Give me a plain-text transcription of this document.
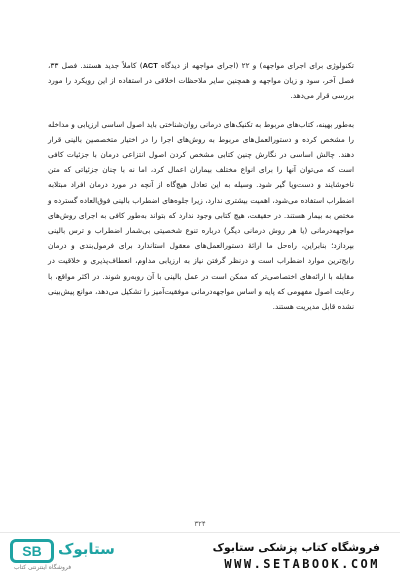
تکنولوژی برای اجرای مواجهه) و ۲۲ (اجرای مواجهه از دیدگاه ACT) کاملاً جدید هستند. فصل ۳۳، فصل آخر، سود و زیان مواجهه و همچنین سایر ملاحظات اخلاقی در استفاده از این رویکرد را مورد بررسی قرار می‌دهد.

به‌طور بهینه، کتاب‌های مربوط به تکنیک‌های درمانی روان‌شناختی باید اصول اساسی ارزیابی و مداخله را مشخص کرده و دستورالعمل‌های مربوط به روش‌های اجرا را در اختیار متخصصین بالینی قرار دهند. چالش اساسی در نگارش چنین کتابی مشخص کردن اصول انتزاعی درمان با جزئیات کافی است که می‌توان آنها را برای انواع مختلف بیماران اعمال کرد، اما نه با چنان جزئیاتی که متن ناخوشایند و دست‌وپا گیر شود. وسیله به این تعادل هیچ‌گاه از آنچه در مورد درمان افراد مبتلابه اضطراب استفاده می‌شود، اهمیت بیشتری ندارد، زیرا جلوه‌های اضطراب بالینی فوق‌العاده گسترده و مختص به بیمار هستند. در حقیقت، هیچ کتابی وجود ندارد که بتواند به‌طور کافی به اجرای روش‌های مواجهه‌درمانی (یا هر روش درمانی دیگر) درباره تنوع شخصیتی بی‌شمار اضطراب و ترس بالینی بپردازد؛ بنابراین، راه‌حل ما ارائهٔ دستورالعمل‌های معقول استاندارد برای فرمول‌بندی و درمان رایج‌ترین موارد اضطراب است و درنظر گرفتن نیاز به ارزیابی مداوم، انعطاف‌پذیری و خلاقیت در مقابله با ارائه‌های اختصاصی‌تر که ممکن است در عمل بالینی با آن روبه‌رو شوند. در اکثر مواقع، با رعایت اصول مفهومی که پایه و اساس مواجهه‌درمانی موفقیت‌آمیز را تشکیل می‌دهد، موانع پیش‌بینی نشده قابل مدیریت هستند.

۳۲۴
SB	ستابوک
فروشگاه اینترنتی کتاب
فروشگاه کتاب پزشکی ستابوک
WWW.SETABOOK.COM
